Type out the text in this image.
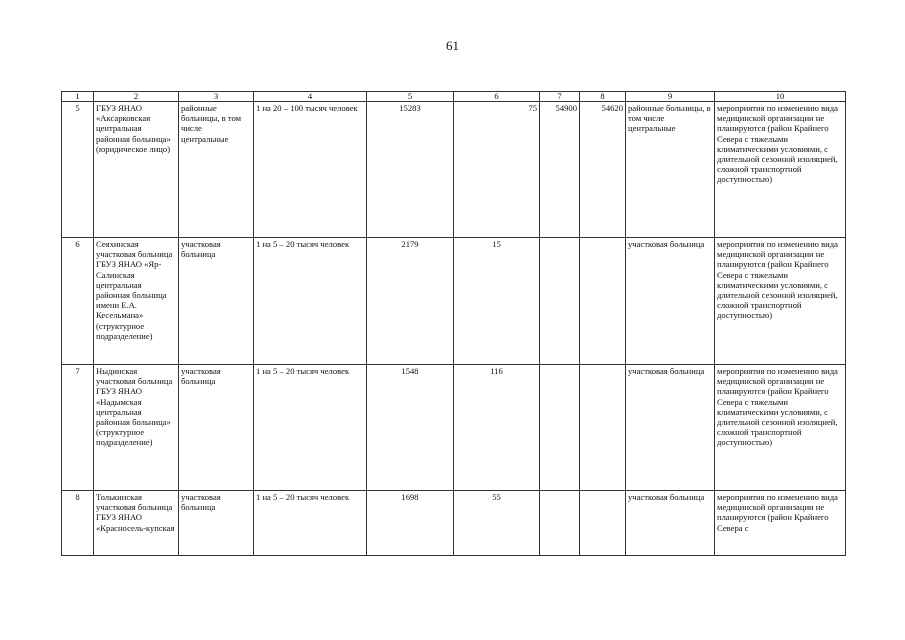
61
1	2	3	4	5	6	7	8	9	10
5	ГБУЗ ЯНАО «Аксарковская центральная районная больница» (юридическое лицо)	районные больницы, в том числе центральные	1 на 20 – 100 тысяч человек	15283	75	54900	54620	районные больницы, в том числе центральные	мероприятия по изменению вида медицинской организации не планируются (район Крайнего Севера с тяжелыми климатическими условиями, с длительной сезонной изоляцией, сложной транспортной доступностью)
6	Сеяхинская участковая больница ГБУЗ ЯНАО «Яр-Салинская центральная районная больница имени Е.А. Кесельмана» (структурное подразделение)	участковая больница	1 на 5 – 20 тысяч человек	2179	15			участковая больница	мероприятия по изменению вида медицинской организации не планируются (район Крайнего Севера с тяжелыми климатическими условиями, с длительной сезонной изоляцией, сложной транспортной доступностью)
7	Ныдинская участковая больница ГБУЗ ЯНАО «Надымская центральная районная больница» (структурное подразделение)	участковая больница	1 на 5 – 20 тысяч человек	1548	116			участковая больница	мероприятия по изменению вида медицинской организации не планируются (район Крайнего Севера с тяжелыми климатическими условиями, с длительной сезонной изоляцией, сложной транспортной доступностью)
8	Толькинская участковая больница ГБУЗ ЯНАО «Красносель-купская	участковая больница	1 на 5 – 20 тысяч человек	1698	55			участковая больница	мероприятия по изменению вида медицинской организации не планируются (район Крайнего Севера с
